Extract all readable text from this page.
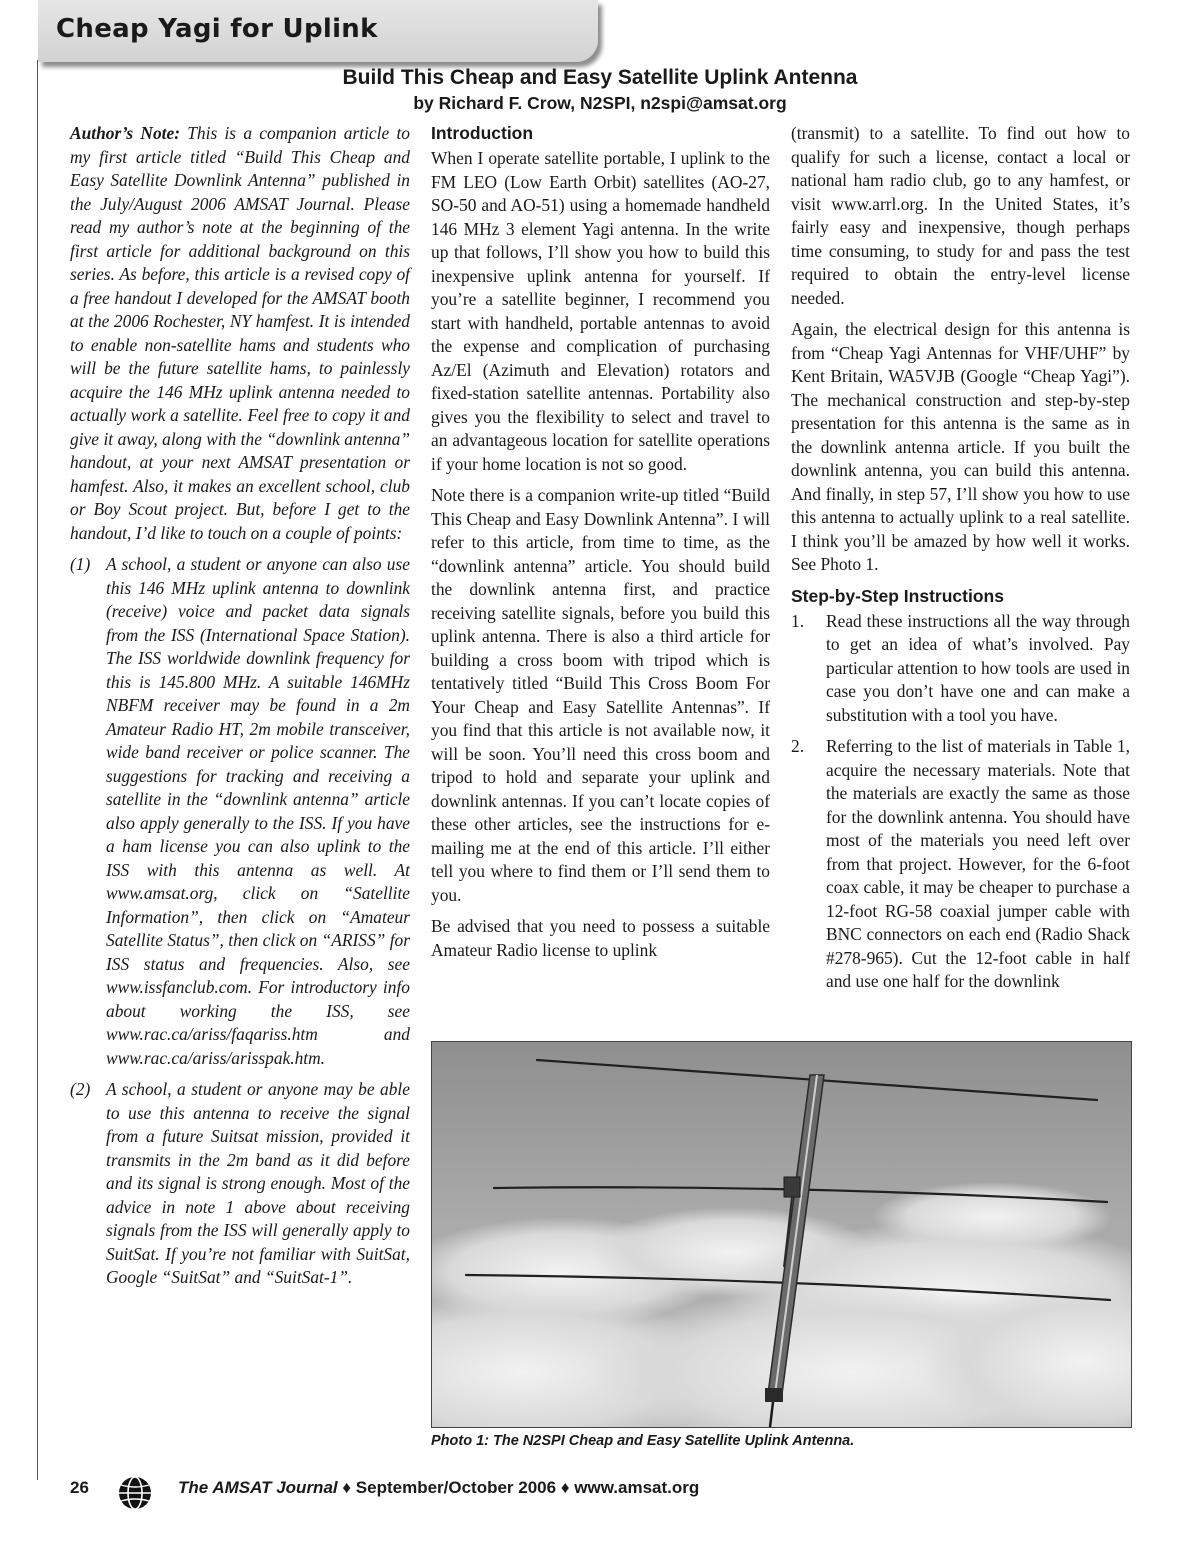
Cheap Yagi for Uplink
Build This Cheap and Easy Satellite Uplink Antenna
by Richard F. Crow, N2SPI, n2spi@amsat.org

Author’s Note: This is a companion article to my first article titled “Build This Cheap and Easy Satellite Downlink Antenna” published in the July/August 2006 AMSAT Journal. Please read my author’s note at the beginning of the first article for additional background on this series. As before, this article is a revised copy of a free handout I developed for the AMSAT booth at the 2006 Rochester, NY hamfest. It is intended to enable non-satellite hams and students who will be the future satellite hams, to painlessly acquire the 146 MHz uplink antenna needed to actually work a satellite. Feel free to copy it and give it away, along with the “downlink antenna” handout, at your next AMSAT presentation or hamfest. Also, it makes an excellent school, club or Boy Scout project. But, before I get to the handout, I’d like to touch on a couple of points:

(1) A school, a student or anyone can also use this 146 MHz uplink antenna to downlink (receive) voice and packet data signals from the ISS (International Space Station). The ISS worldwide downlink frequency for this is 145.800 MHz. A suitable 146MHz NBFM receiver may be found in a 2m Amateur Radio HT, 2m mobile transceiver, wide band receiver or police scanner. The suggestions for tracking and receiving a satellite in the “downlink antenna” article also apply generally to the ISS. If you have a ham license you can also uplink to the ISS with this antenna as well. At www.amsat.org, click on “Satellite Information”, then click on “Amateur Satellite Status”, then click on “ARISS” for ISS status and frequencies. Also, see www.issfanclub.com. For introductory info about working the ISS, see www.rac.ca/ariss/faqariss.htm and www.rac.ca/ariss/arisspak.htm.
(2) A school, a student or anyone may be able to use this antenna to receive the signal from a future Suitsat mission, provided it transmits in the 2m band as it did before and its signal is strong enough. Most of the advice in note 1 above about receiving signals from the ISS will generally apply to SuitSat. If you’re not familiar with SuitSat, Google “SuitSat” and “SuitSat-1”.
Introduction

When I operate satellite portable, I uplink to the FM LEO (Low Earth Orbit) satellites (AO-27, SO-50 and AO-51) using a homemade handheld 146 MHz 3 element Yagi antenna. In the write up that follows, I’ll show you how to build this inexpensive uplink antenna for yourself. If you’re a satellite beginner, I recommend you start with handheld, portable antennas to avoid the expense and complication of purchasing Az/El (Azimuth and Elevation) rotators and fixed-station satellite antennas. Portability also gives you the flexibility to select and travel to an advantageous location for satellite operations if your home location is not so good.

Note there is a companion write-up titled “Build This Cheap and Easy Downlink Antenna”. I will refer to this article, from time to time, as the “downlink antenna” article. You should build the downlink antenna first, and practice receiving satellite signals, before you build this uplink antenna. There is also a third article for building a cross boom with tripod which is tentatively titled “Build This Cross Boom For Your Cheap and Easy Satellite Antennas”. If you find that this article is not available now, it will be soon. You’ll need this cross boom and tripod to hold and separate your uplink and downlink antennas. If you can’t locate copies of these other articles, see the instructions for e-mailing me at the end of this article. I’ll either tell you where to find them or I’ll send them to you.

Be advised that you need to possess a suitable Amateur Radio license to uplink

(transmit) to a satellite. To find out how to qualify for such a license, contact a local or national ham radio club, go to any hamfest, or visit www.arrl.org. In the United States, it’s fairly easy and inexpensive, though perhaps time consuming, to study for and pass the test required to obtain the entry-level license needed.

Again, the electrical design for this antenna is from “Cheap Yagi Antennas for VHF/UHF” by Kent Britain, WA5VJB (Google “Cheap Yagi”). The mechanical construction and step-by-step presentation for this antenna is the same as in the downlink antenna article. If you built the downlink antenna, you can build this antenna. And finally, in step 57, I’ll show you how to use this antenna to actually uplink to a real satellite. I think you’ll be amazed by how well it works. See Photo 1.

Step-by-Step Instructions
1. Read these instructions all the way through to get an idea of what’s involved. Pay particular attention to how tools are used in case you don’t have one and can make a substitution with a tool you have.
2. Referring to the list of materials in Table 1, acquire the necessary materials. Note that the materials are exactly the same as those for the downlink antenna. You should have most of the materials you need left over from that project. However, for the 6-foot coax cable, it may be cheaper to purchase a 12-foot RG-58 coaxial jumper cable with BNC connectors on each end (Radio Shack #278-965). Cut the 12-foot cable in half and use one half for the downlink
Photo 1: The N2SPI Cheap and Easy Satellite Uplink Antenna.
26	The AMSAT Journal ♦ September/October 2006 ♦ www.amsat.org
